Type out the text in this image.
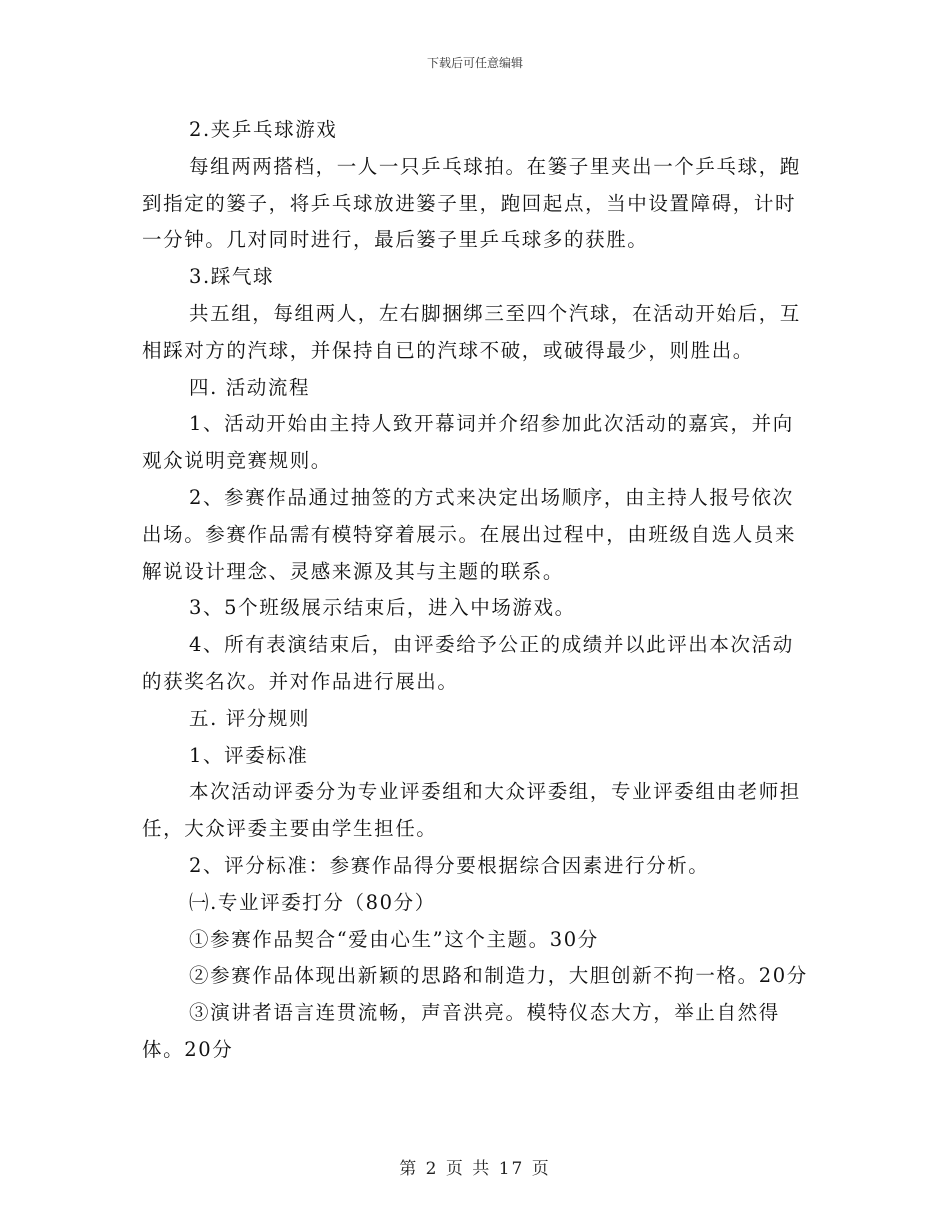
下载后可任意编辑

2.夹乒乓球游戏

每组两两搭档，一人一只乒乓球拍。在篓子里夹出一个乒乓球，跑到指定的篓子，将乒乓球放进篓子里，跑回起点，当中设置障碍，计时一分钟。几对同时进行，最后篓子里乒乓球多的获胜。

3.踩气球

共五组，每组两人，左右脚捆绑三至四个汽球，在活动开始后，互相踩对方的汽球，并保持自已的汽球不破，或破得最少，则胜出。

四. 活动流程

1、活动开始由主持人致开幕词并介绍参加此次活动的嘉宾，并向观众说明竞赛规则。

2、参赛作品通过抽签的方式来决定出场顺序，由主持人报号依次出场。参赛作品需有模特穿着展示。在展出过程中，由班级自选人员来解说设计理念、灵感来源及其与主题的联系。

3、5个班级展示结束后，进入中场游戏。

4、所有表演结束后，由评委给予公正的成绩并以此评出本次活动的获奖名次。并对作品进行展出。

五. 评分规则

1、评委标准

本次活动评委分为专业评委组和大众评委组，专业评委组由老师担任，大众评委主要由学生担任。

2、评分标准：参赛作品得分要根据综合因素进行分析。

㈠.专业评委打分（80分）

①参赛作品契合“爱由心生”这个主题。30分

②参赛作品体现出新颖的思路和制造力，大胆创新不拘一格。20分

③演讲者语言连贯流畅，声音洪亮。模特仪态大方，举止自然得体。20分

第 2 页 共 17 页
